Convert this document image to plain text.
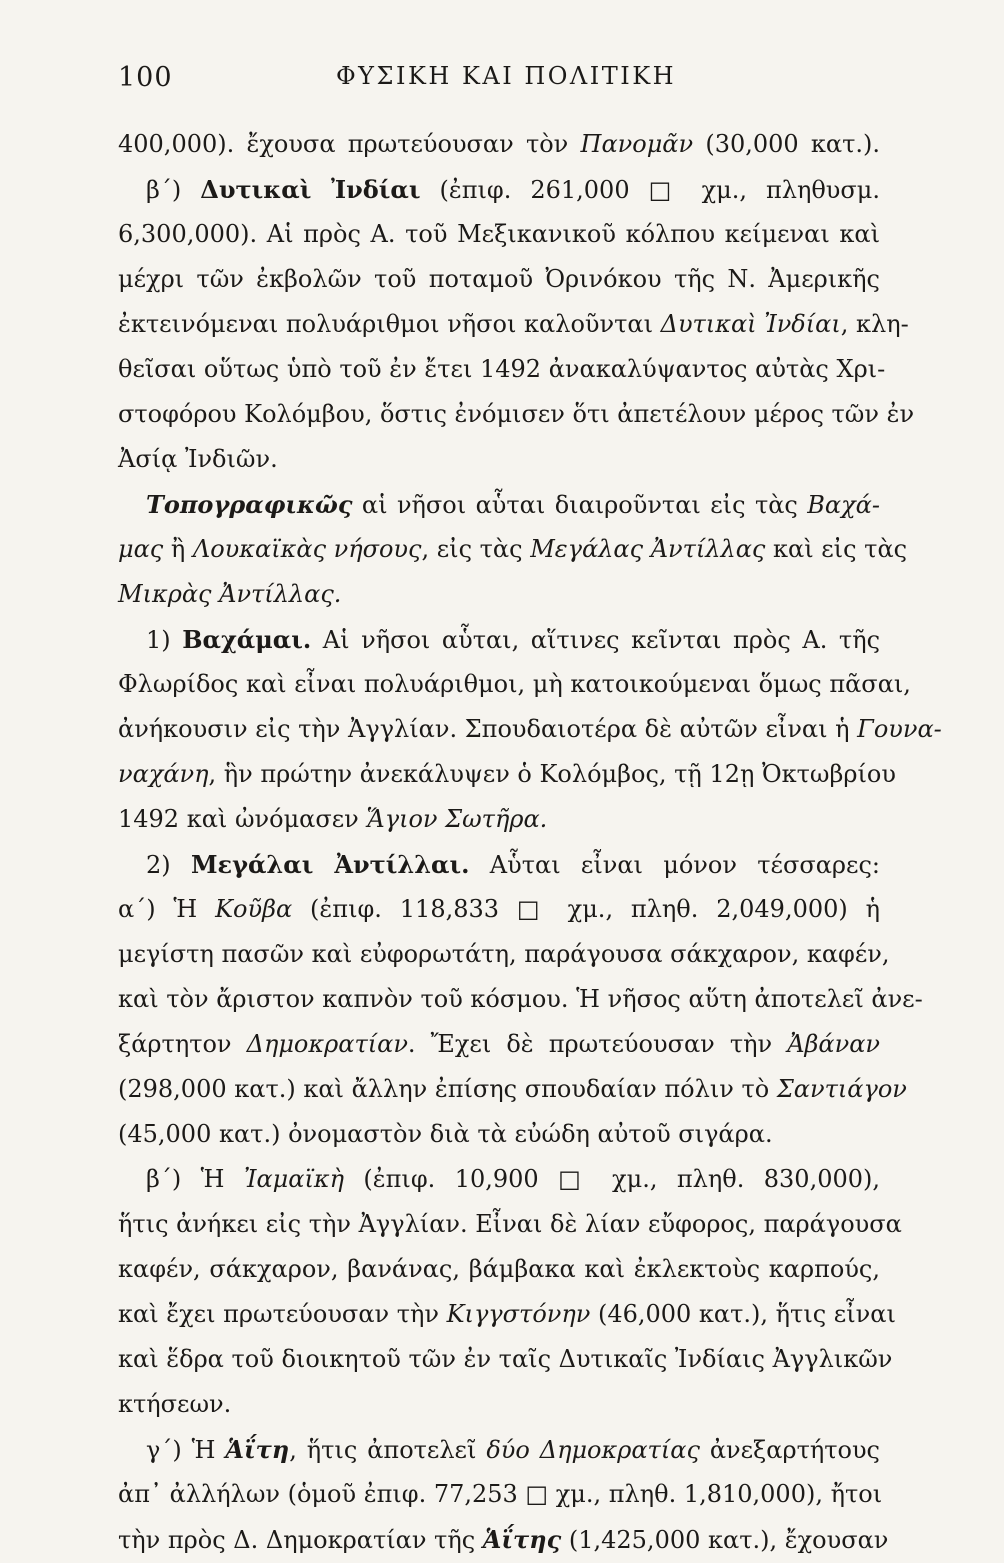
100	ΦΥΣΙΚΗ ΚΑΙ ΠΟΛΙΤΙΚΗ
400,000). ἔχουσα πρωτεύουσαν τὸν Πανομᾶν (30,000 κατ.).
β΄) Δυτικαὶ Ἰνδίαι (ἐπιφ. 261,000 □ χμ., πληθυσμ.
6,300,000). Αἱ πρὸς Α. τοῦ Μεξικανικοῦ κόλπου κείμεναι καὶ
μέχρι τῶν ἐκβολῶν τοῦ ποταμοῦ Ὀρινόκου τῆς Ν. Ἀμερικῆς
ἐκτεινόμεναι πολυάριθμοι νῆσοι καλοῦνται Δυτικαὶ Ἰνδίαι, κλη-
θεῖσαι οὕτως ὑπὸ τοῦ ἐν ἔτει 1492 ἀνακαλύψαντος αὐτὰς Χρι-
στοφόρου Κολόμβου, ὅστις ἐνόμισεν ὅτι ἀπετέλουν μέρος τῶν ἐν
Ἀσίᾳ Ἰνδιῶν.
Τοπογραφικῶς αἱ νῆσοι αὗται διαιροῦνται εἰς τὰς Βαχά-
μας ἢ Λουκαϊκὰς νήσους, εἰς τὰς Μεγάλας Ἀντίλλας καὶ εἰς τὰς
Μικρὰς Ἀντίλλας.
1) Βαχάμαι. Αἱ νῆσοι αὗται, αἵτινες κεῖνται πρὸς Α. τῆς
Φλωρίδος καὶ εἶναι πολυάριθμοι, μὴ κατοικούμεναι ὅμως πᾶσαι,
ἀνήκουσιν εἰς τὴν Ἀγγλίαν. Σπουδαιοτέρα δὲ αὐτῶν εἶναι ἡ Γουνα-
ναχάνη, ἣν πρώτην ἀνεκάλυψεν ὁ Κολόμβος, τῇ 12ῃ Ὀκτωβρίου
1492 καὶ ὠνόμασεν Ἅγιον Σωτῆρα.
2) Μεγάλαι Ἀντίλλαι. Αὗται εἶναι μόνον τέσσαρες:
α΄) Ἡ Κοῦβα (ἐπιφ. 118,833 □ χμ., πληθ. 2,049,000) ἡ
μεγίστη πασῶν καὶ εὐφορωτάτη, παράγουσα σάκχαρον, καφέν,
καὶ τὸν ἄριστον καπνὸν τοῦ κόσμου. Ἡ νῆσος αὕτη ἀποτελεῖ ἀνε-
ξάρτητον Δημοκρατίαν. Ἔχει δὲ πρωτεύουσαν τὴν Ἀβάναν
(298,000 κατ.) καὶ ἄλλην ἐπίσης σπουδαίαν πόλιν τὸ Σαντιάγον
(45,000 κατ.) ὀνομαστὸν διὰ τὰ εὐώδη αὐτοῦ σιγάρα.
β΄) Ἡ Ἰαμαϊκὴ (ἐπιφ. 10,900 □ χμ., πληθ. 830,000),
ἥτις ἀνήκει εἰς τὴν Ἀγγλίαν. Εἶναι δὲ λίαν εὔφορος, παράγουσα
καφέν, σάκχαρον, βανάνας, βάμβακα καὶ ἐκλεκτοὺς καρπούς,
καὶ ἔχει πρωτεύουσαν τὴν Κιγγστόνην (46,000 κατ.), ἥτις εἶναι
καὶ ἕδρα τοῦ διοικητοῦ τῶν ἐν ταῖς Δυτικαῖς Ἰνδίαις Ἀγγλικῶν
κτήσεων.
γ΄) Ἡ Ἁΐτη, ἥτις ἀποτελεῖ δύο Δημοκρατίας ἀνεξαρτήτους
ἀπ᾽ ἀλλήλων (ὁμοῦ ἐπιφ. 77,253 □ χμ., πληθ. 1,810,000), ἤτοι
τὴν πρὸς Δ. Δημοκρατίαν τῆς Ἁΐτης (1,425,000 κατ.), ἔχουσαν
